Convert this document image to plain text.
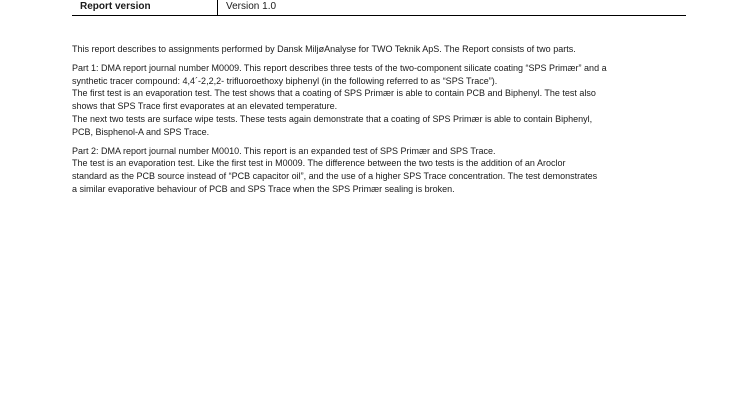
Report version	Version 1.0

This report describes to assignments performed by Dansk MiljøAnalyse for TWO Teknik ApS. The Report consists of two parts.

Part 1: DMA report journal number M0009. This report describes three tests of the two-component silicate coating “SPS Primær” and a
synthetic tracer compound: 4,4´-2,2,2- trifluoroethoxy biphenyl (in the following referred to as “SPS Trace”).
The first test is an evaporation test. The test shows that a coating of SPS Primær is able to contain PCB and Biphenyl. The test also
shows that SPS Trace first evaporates at an elevated temperature.
The next two tests are surface wipe tests. These tests again demonstrate that a coating of SPS Primær is able to contain Biphenyl,
PCB, Bisphenol-A and SPS Trace.

Part 2: DMA report journal number M0010. This report is an expanded test of SPS Primær and SPS Trace.
The test is an evaporation test. Like the first test in M0009. The difference between the two tests is the addition of an Aroclor
standard as the PCB source instead of “PCB capacitor oil”, and the use of a higher SPS Trace concentration. The test demonstrates
a similar evaporative behaviour of PCB and SPS Trace when the SPS Primær sealing is broken.
